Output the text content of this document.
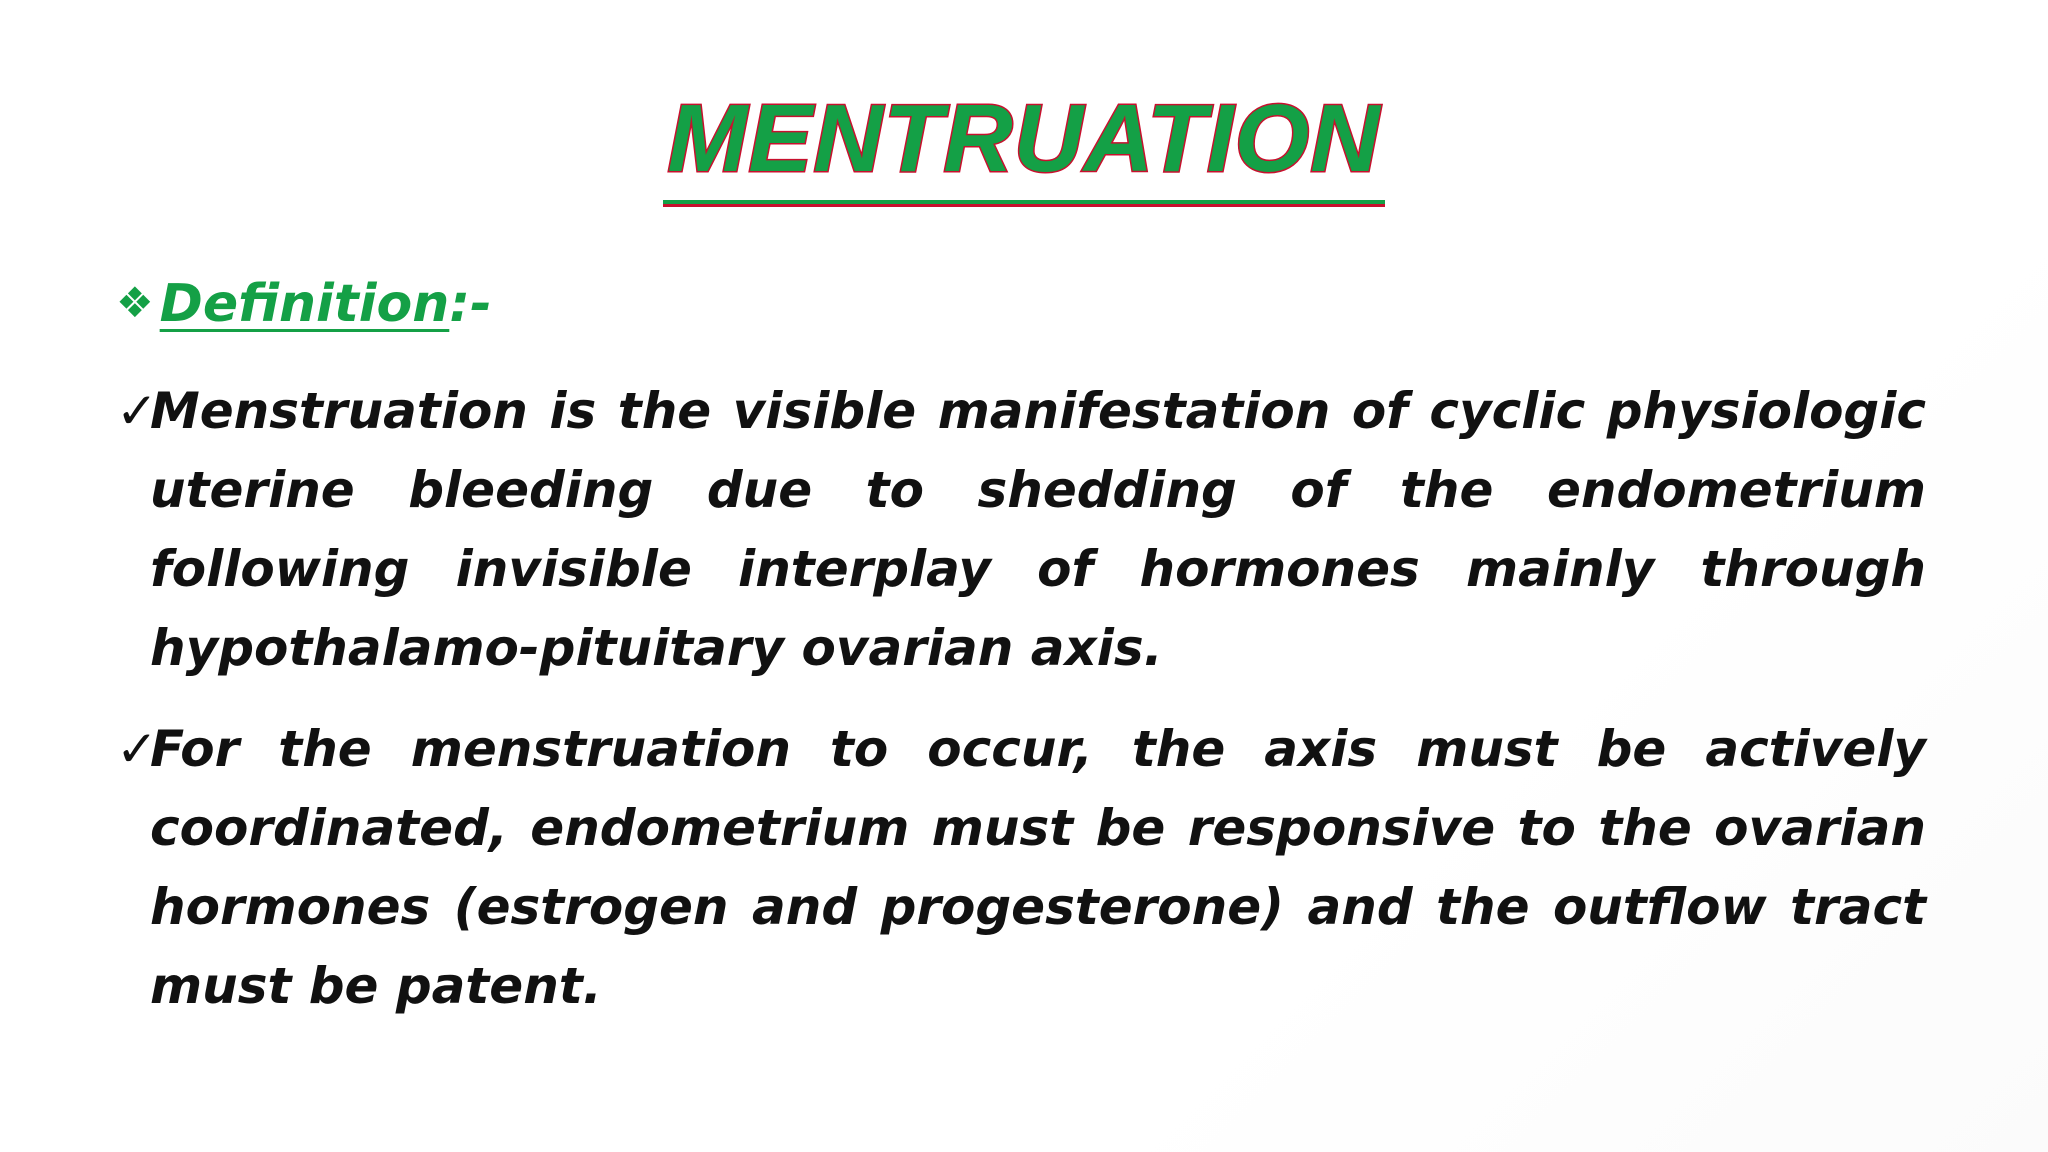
MENTRUATION
❖ Definition:-
✓
Menstruation is the visible manifestation of cyclic physiologic uterine bleeding due to shedding of the endometrium following invisible interplay of hormones mainly through hypothalamo-pituitary ovarian axis.
✓
For the menstruation to occur, the axis must be actively coordinated, endometrium must be responsive to the ovarian hormones (estrogen and progesterone) and the outflow tract must be patent.
